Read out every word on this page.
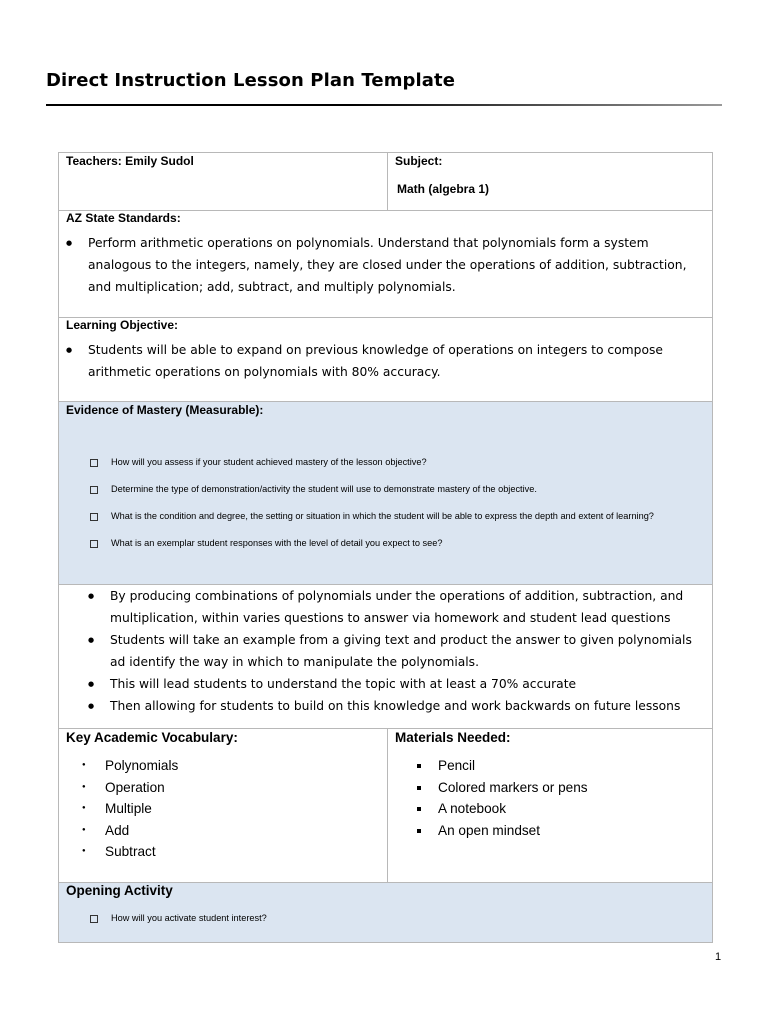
Direct Instruction Lesson Plan Template
Teachers: Emily Sudol	Subject:
Math (algebra 1)
AZ State Standards:
● Perform arithmetic operations on polynomials. Understand that polynomials form a system analogous to the integers, namely, they are closed under the operations of addition, subtraction, and multiplication; add, subtract, and multiply polynomials.
Learning Objective:
● Students will be able to expand on previous knowledge of operations on integers to compose arithmetic operations on polynomials with 80% accuracy.
Evidence of Mastery (Measurable):
How will you assess if your student achieved mastery of the lesson objective?
Determine the type of demonstration/activity the student will use to demonstrate mastery of the objective.
What is the condition and degree, the setting or situation in which the student will be able to express the depth and extent of learning?
What is an exemplar student responses with the level of detail you expect to see?
● By producing combinations of polynomials under the operations of addition, subtraction, and multiplication, within varies questions to answer via homework and student lead questions
● Students will take an example from a giving text and product the answer to given polynomials ad identify the way in which to manipulate the polynomials.
● This will lead students to understand the topic with at least a 70% accurate
● Then allowing for students to build on this knowledge and work backwards on future lessons
Key Academic Vocabulary:
● Polynomials
● Operation
● Multiple
● Add
● Subtract
Materials Needed:
Pencil
Colored markers or pens
A notebook
An open mindset
Opening Activity
How will you activate student interest?
1
